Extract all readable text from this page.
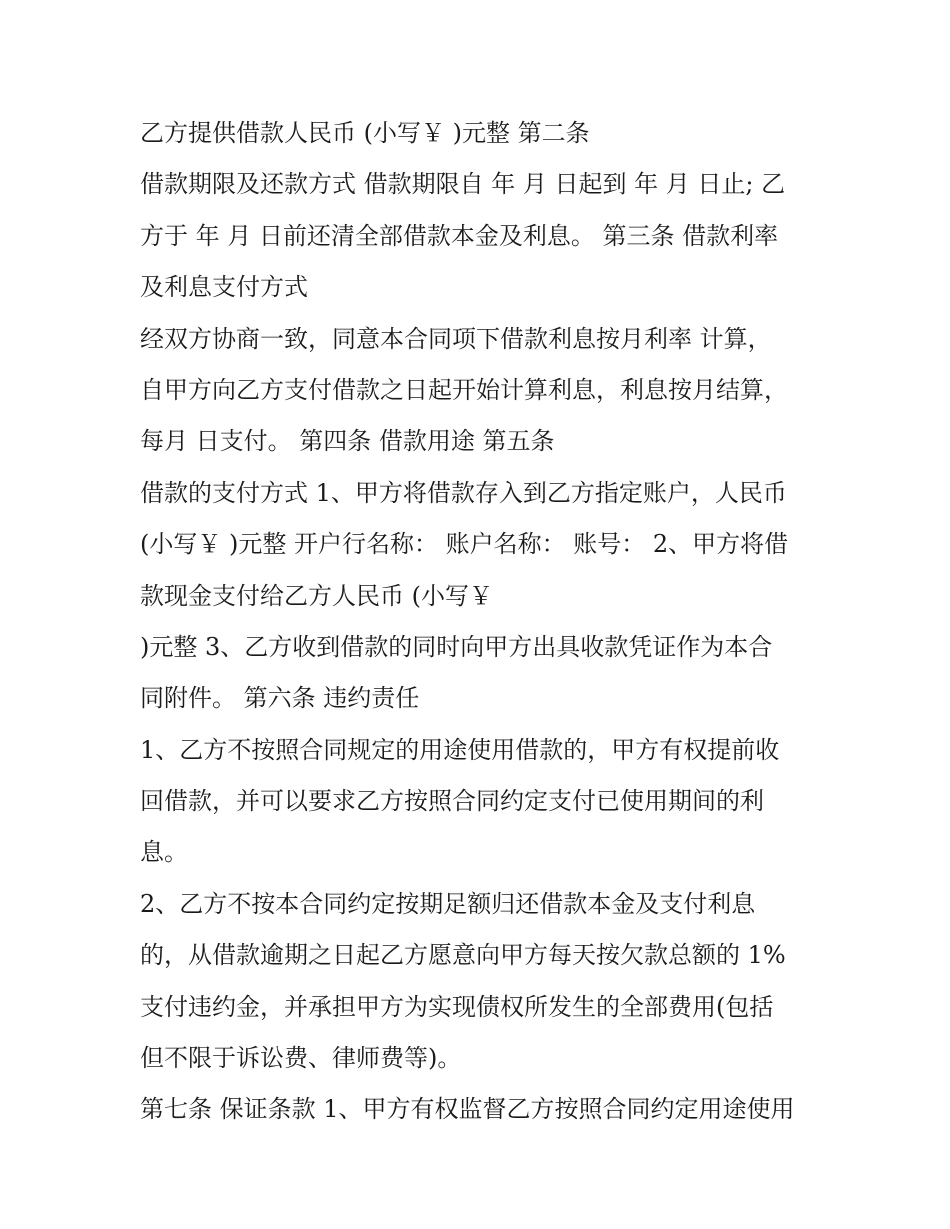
乙方提供借款人民币 (小写￥ )元整 第二条
借款期限及还款方式 借款期限自 年 月 日起到 年 月 日止; 乙
方于 年 月 日前还清全部借款本金及利息。 第三条 借款利率
及利息支付方式
经双方协商一致，同意本合同项下借款利息按月利率 计算，
自甲方向乙方支付借款之日起开始计算利息，利息按月结算，
每月 日支付。 第四条 借款用途 第五条
借款的支付方式 1、甲方将借款存入到乙方指定账户，人民币
(小写￥ )元整 开户行名称： 账户名称： 账号： 2、甲方将借
款现金支付给乙方人民币 (小写￥
)元整 3、乙方收到借款的同时向甲方出具收款凭证作为本合
同附件。 第六条 违约责任
1、乙方不按照合同规定的用途使用借款的，甲方有权提前收
回借款，并可以要求乙方按照合同约定支付已使用期间的利
息。
2、乙方不按本合同约定按期足额归还借款本金及支付利息
的，从借款逾期之日起乙方愿意向甲方每天按欠款总额的 1%
支付违约金，并承担甲方为实现债权所发生的全部费用(包括
但不限于诉讼费、律师费等)。
第七条 保证条款 1、甲方有权监督乙方按照合同约定用途使用
